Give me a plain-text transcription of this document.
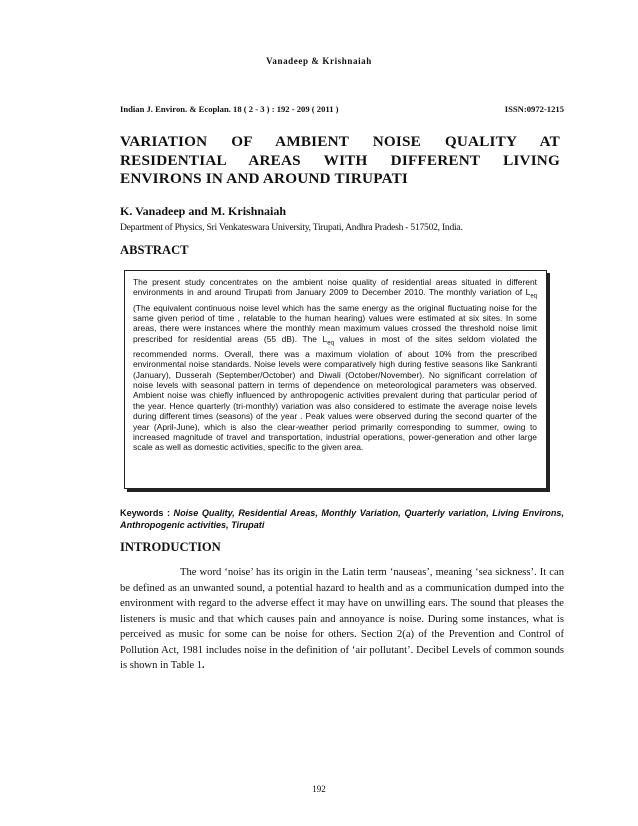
Vanadeep & Krishnaiah
Indian J. Environ. & Ecoplan. 18 ( 2 - 3 ) : 192 - 209 ( 2011 )	ISSN:0972-1215
VARIATION OF AMBIENT NOISE QUALITY AT RESIDENTIAL AREAS WITH DIFFERENT LIVING ENVIRONS IN AND AROUND TIRUPATI
K. Vanadeep and M. Krishnaiah
Department of Physics, Sri Venkateswara University, Tirupati, Andhra Pradesh - 517502, India.
ABSTRACT
The present study concentrates on the ambient noise quality of residential areas situated in different environments in and around Tirupati from January 2009 to December 2010. The monthly variation of $L_{eq}$ (The equivalent continuous noise level which has the same energy as the original fluctuating noise for the same given period of time , relatable to the human hearing) values were estimated at six sites. In some areas, there were instances where the monthly mean maximum values crossed the threshold noise limit prescribed for residential areas (55 dB). The $L_{eq}$ values in most of the sites seldom violated the recommended norms. Overall, there was a maximum violation of about 10% from the prescribed environmental noise standards. Noise levels were comparatively high during festive seasons like Sankranti (January), Dusserah (September/October) and Diwali (October/November). No significant correlation of noise levels with seasonal pattern in terms of dependence on meteorological parameters was observed. Ambient noise was chiefly influenced by anthropogenic activities prevalent during that particular period of the year. Hence quarterly (tri-monthly) variation was also considered to estimate the average noise levels during different times (seasons) of the year . Peak values were observed during the second quarter of the year (April-June), which is also the clear-weather period primarily corresponding to summer, owing to increased magnitude of travel and transportation, industrial operations, power-generation and other large scale as well as domestic activities, specific to the given area.
Keywords : Noise Quality, Residential Areas, Monthly Variation, Quarterly variation, Living Environs, Anthropogenic activities, Tirupati
INTRODUCTION
The word ‘noise’ has its origin in the Latin term ‘nauseas’, meaning ‘sea sickness’. It can be defined as an unwanted sound, a potential hazard to health and as a communication dumped into the environment with regard to the adverse effect it may have on unwilling ears. The sound that pleases the listeners is music and that which causes pain and annoyance is noise. During some instances, what is perceived as music for some can be noise for others. Section 2(a) of the Prevention and Control of Pollution Act, 1981 includes noise in the definition of ‘air pollutant’. Decibel Levels of common sounds is shown in Table 1.
192
